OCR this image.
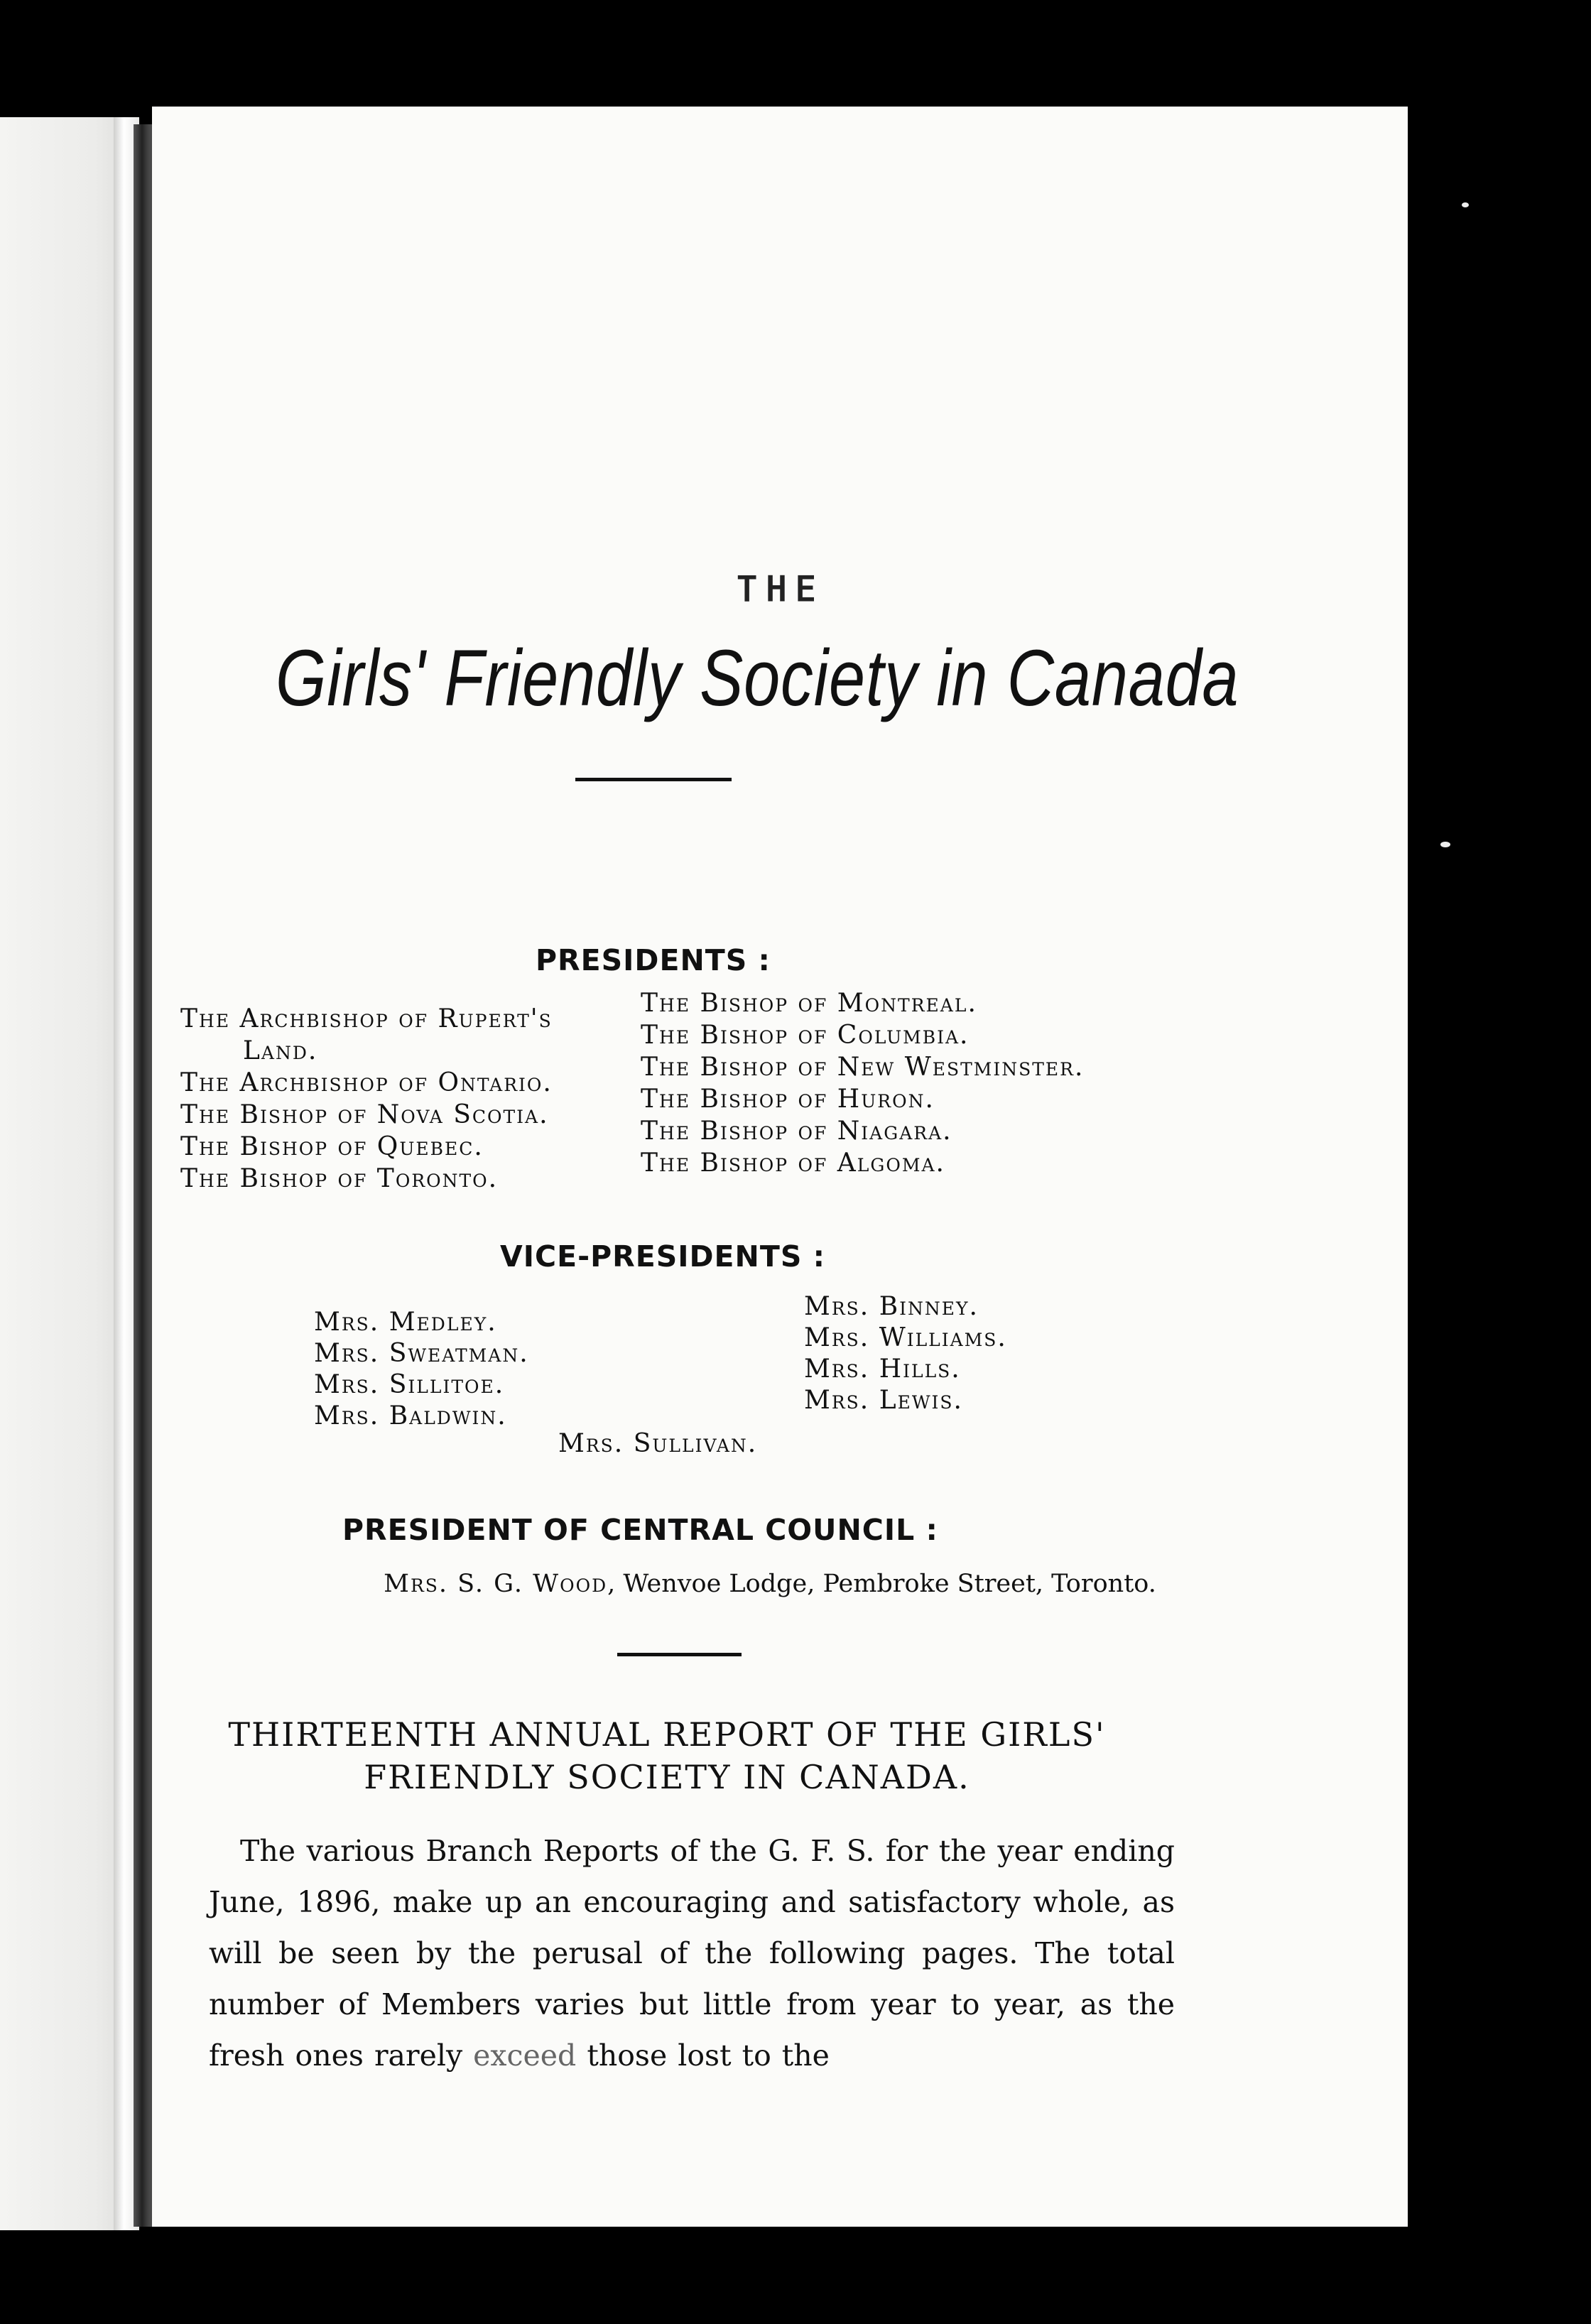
THE
Girls' Friendly Society in Canada
PRESIDENTS :
The Archbishop of Rupert's
Land.
The Archbishop of Ontario.
The Bishop of Nova Scotia.
The Bishop of Quebec.
The Bishop of Toronto.
The Bishop of Montreal.
The Bishop of Columbia.
The Bishop of New Westminster.
The Bishop of Huron.
The Bishop of Niagara.
The Bishop of Algoma.
VICE-PRESIDENTS :
Mrs. Medley.
Mrs. Sweatman.
Mrs. Sillitoe.
Mrs. Baldwin.
Mrs. Binney.
Mrs. Williams.
Mrs. Hills.
Mrs. Lewis.
Mrs. Sullivan.
PRESIDENT OF CENTRAL COUNCIL :
Mrs. S. G. Wood, Wenvoe Lodge, Pembroke Street, Toronto.
THIRTEENTH ANNUAL REPORT OF THE GIRLS'
FRIENDLY SOCIETY IN CANADA.
The various Branch Reports of the G. F. S. for the year ending June, 1896, make up an encouraging and satisfactory whole, as will be seen by the perusal of the following pages. The total number of Members varies but little from year to year, as the fresh ones rarely exceed those lost to the
